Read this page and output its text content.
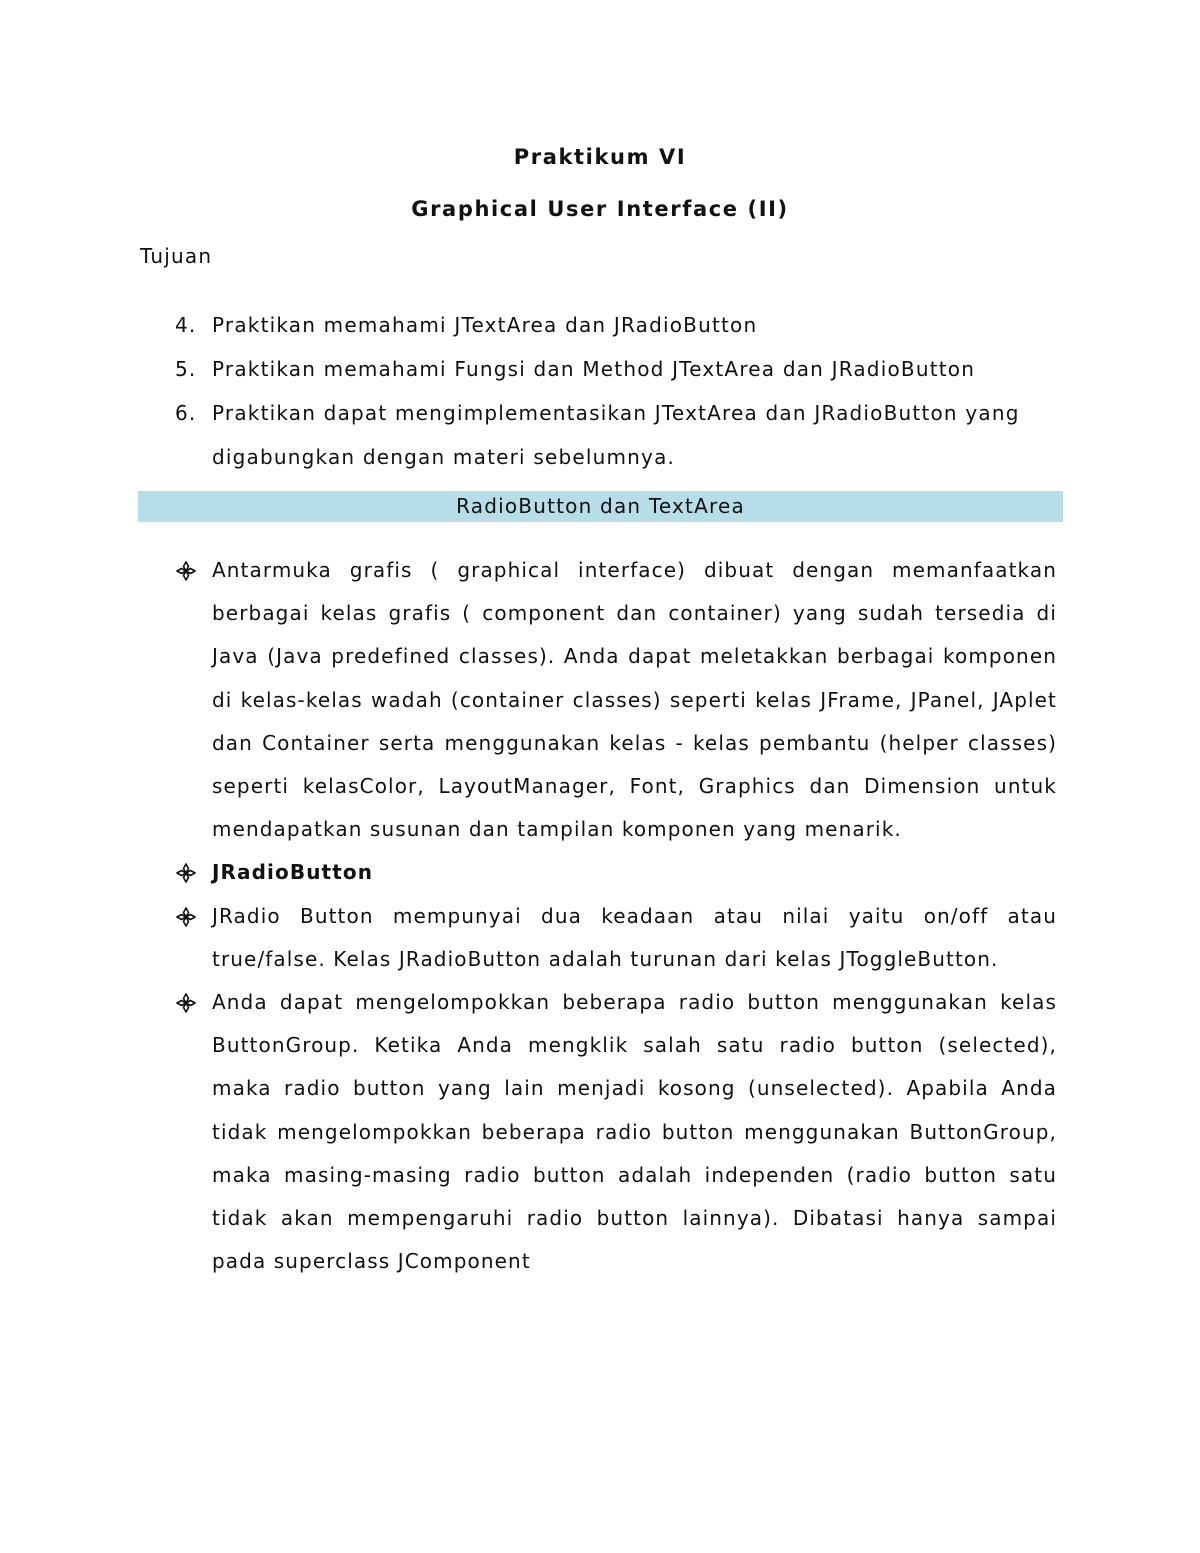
Praktikum VI
Graphical User Interface (II)
Tujuan
4. Praktikan memahami JTextArea dan JRadioButton
5. Praktikan memahami Fungsi dan Method JTextArea dan JRadioButton
6. Praktikan dapat mengimplementasikan JTextArea dan JRadioButton yang digabungkan dengan materi sebelumnya.
RadioButton dan TextArea
Antarmuka grafis ( graphical interface) dibuat dengan memanfaatkan berbagai kelas grafis ( component dan container) yang sudah tersedia di Java (Java predefined classes). Anda dapat meletakkan berbagai komponen di kelas-kelas wadah (container classes) seperti kelas JFrame, JPanel, JAplet dan Container serta menggunakan kelas - kelas pembantu (helper classes) seperti kelasColor, LayoutManager, Font, Graphics dan Dimension untuk mendapatkan susunan dan tampilan komponen yang menarik.
JRadioButton
JRadio Button mempunyai dua keadaan atau nilai yaitu on/off atau true/false. Kelas JRadioButton adalah turunan dari kelas JToggleButton.
Anda dapat mengelompokkan beberapa radio button menggunakan kelas ButtonGroup. Ketika Anda mengklik salah satu radio button (selected), maka radio button yang lain menjadi kosong (unselected). Apabila Anda tidak mengelompokkan beberapa radio button menggunakan ButtonGroup, maka masing-masing radio button adalah independen (radio button satu tidak akan mempengaruhi radio button lainnya). Dibatasi hanya sampai pada superclass JComponent
